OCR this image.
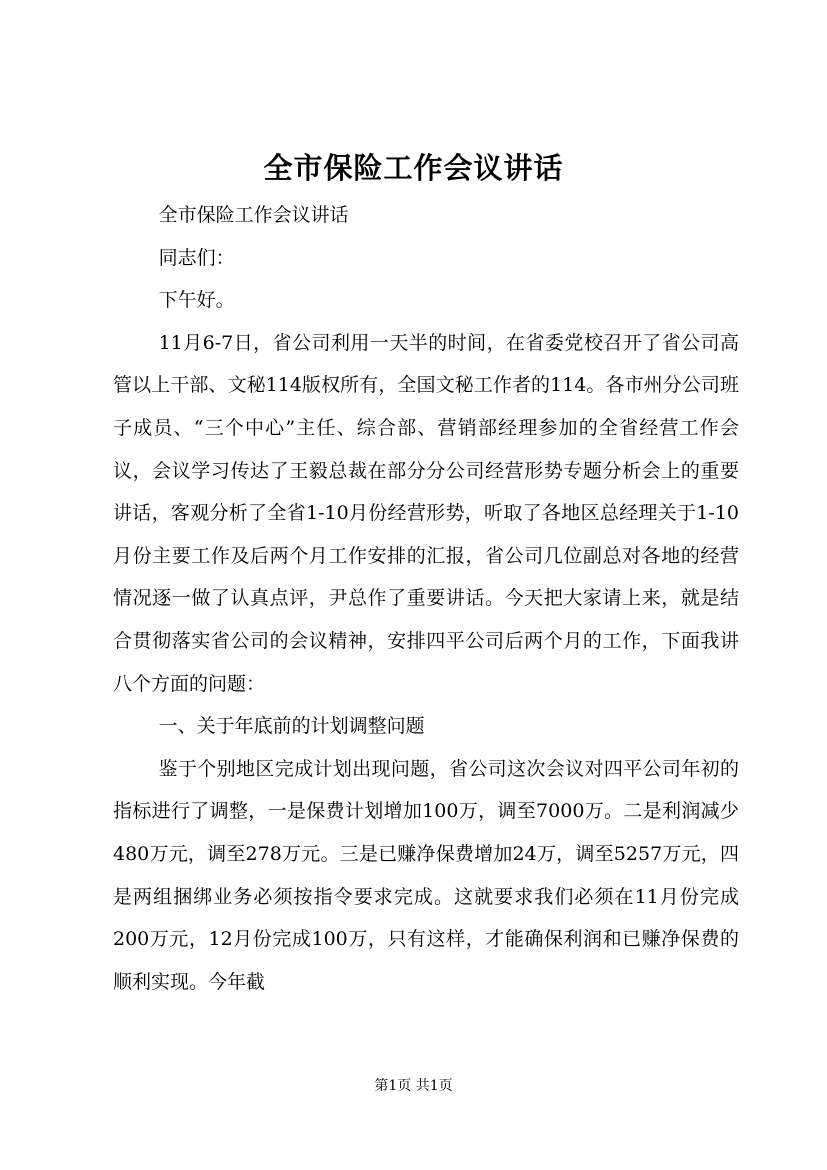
全市保险工作会议讲话

全市保险工作会议讲话

同志们：

下午好。

11月6-7日，省公司利用一天半的时间，在省委党校召开了省公司高管以上干部、文秘114版权所有，全国文秘工作者的114。各市州分公司班子成员、“三个中心”主任、综合部、营销部经理参加的全省经营工作会议，会议学习传达了王毅总裁在部分分公司经营形势专题分析会上的重要讲话，客观分析了全省1-10月份经营形势，听取了各地区总经理关于1-10月份主要工作及后两个月工作安排的汇报，省公司几位副总对各地的经营情况逐一做了认真点评，尹总作了重要讲话。今天把大家请上来，就是结合贯彻落实省公司的会议精神，安排四平公司后两个月的工作，下面我讲八个方面的问题：

一、关于年底前的计划调整问题

鉴于个别地区完成计划出现问题，省公司这次会议对四平公司年初的指标进行了调整，一是保费计划增加100万，调至7000万。二是利润减少480万元，调至278万元。三是已赚净保费增加24万，调至5257万元，四是两组捆绑业务必须按指令要求完成。这就要求我们必须在11月份完成200万元，12月份完成100万，只有这样，才能确保利润和已赚净保费的顺利实现。今年截

第1页 共1页
